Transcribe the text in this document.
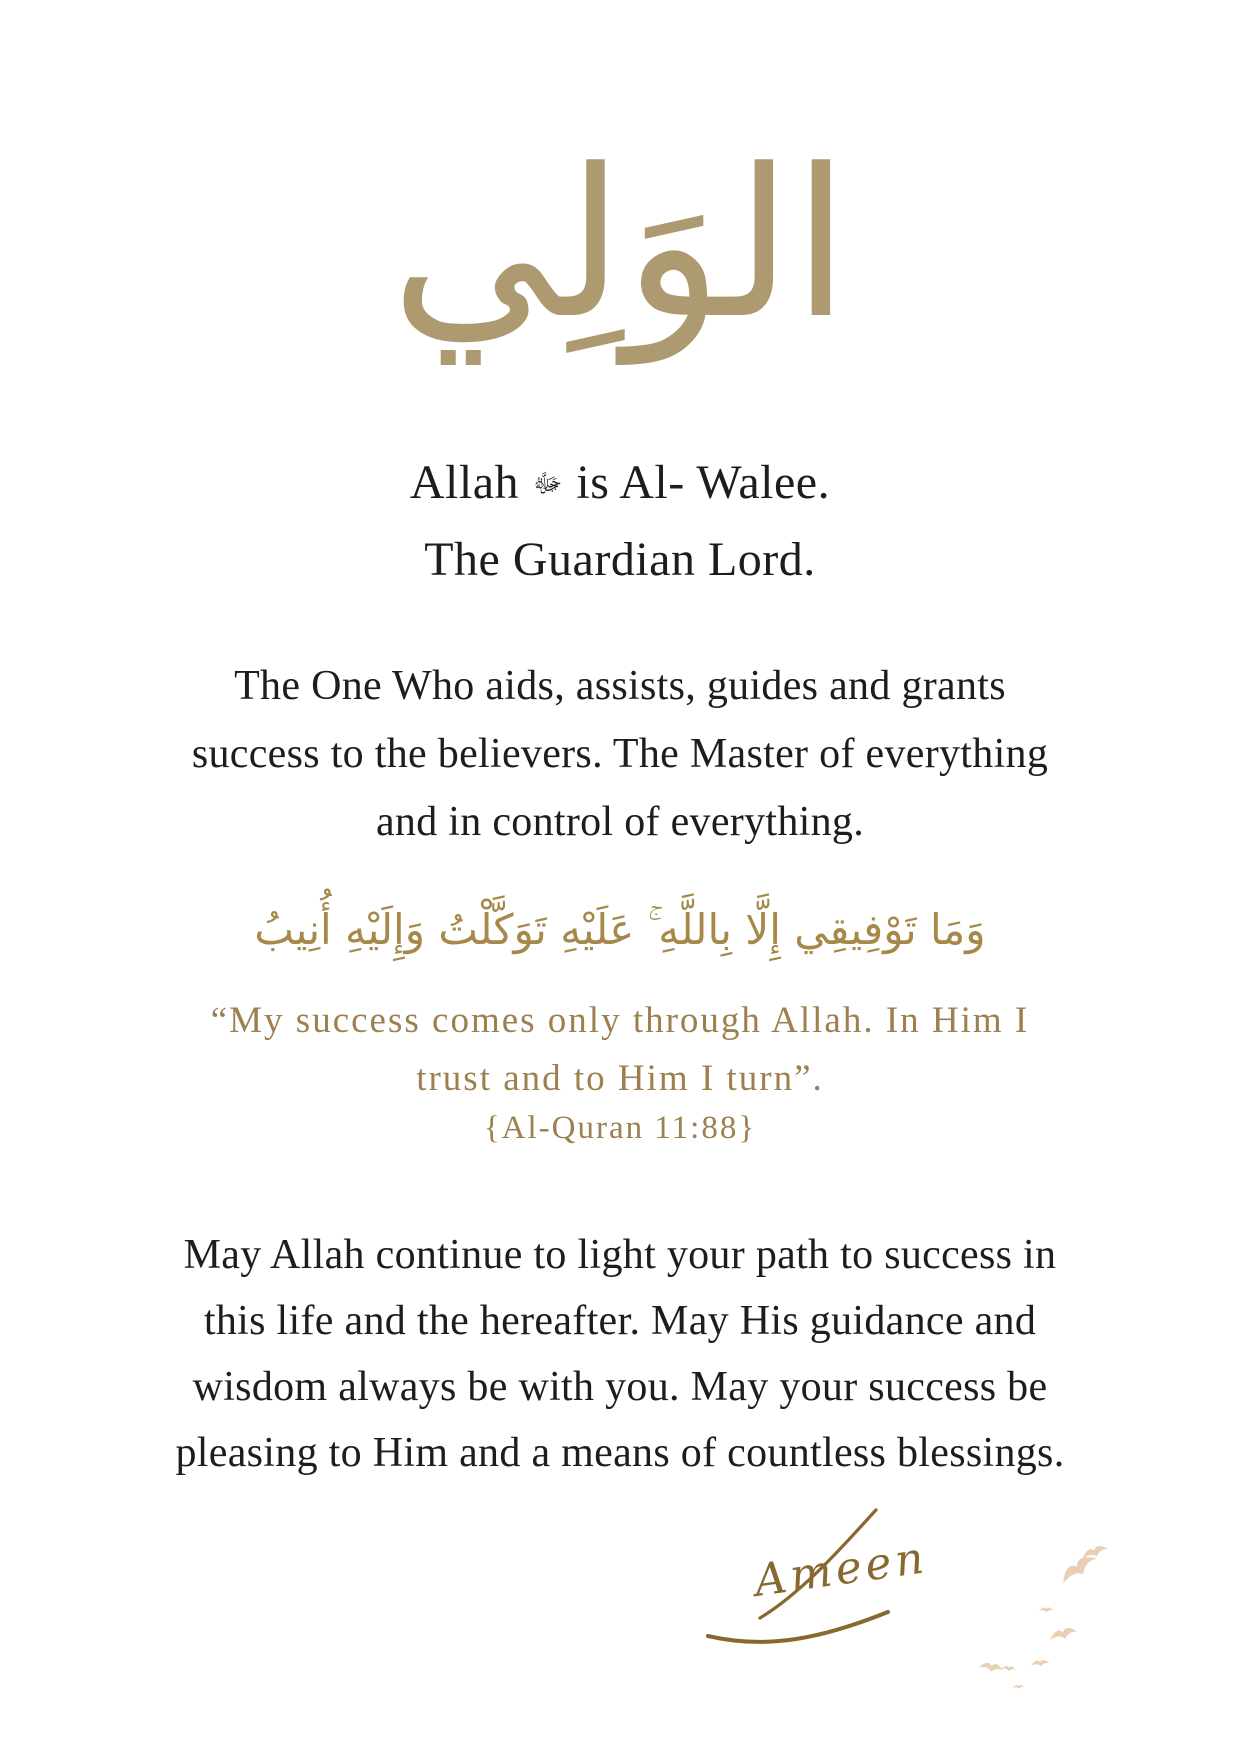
الوَلِي
Allah ﷻ is Al- Walee.
The Guardian Lord.
The One Who aids, assists, guides and grants
success to the believers. The Master of everything
and in control of everything.
وَمَا تَوْفِيقِي إِلَّا بِاللَّهِ ۚ عَلَيْهِ تَوَكَّلْتُ وَإِلَيْهِ أُنِيبُ
“My success comes only through Allah. In Him I
trust and to Him I turn”.
{Al-Quran 11:88}
May Allah continue to light your path to success in
this life and the hereafter. May His guidance and
wisdom always be with you. May your success be
pleasing to Him and a means of countless blessings.
Ameen
